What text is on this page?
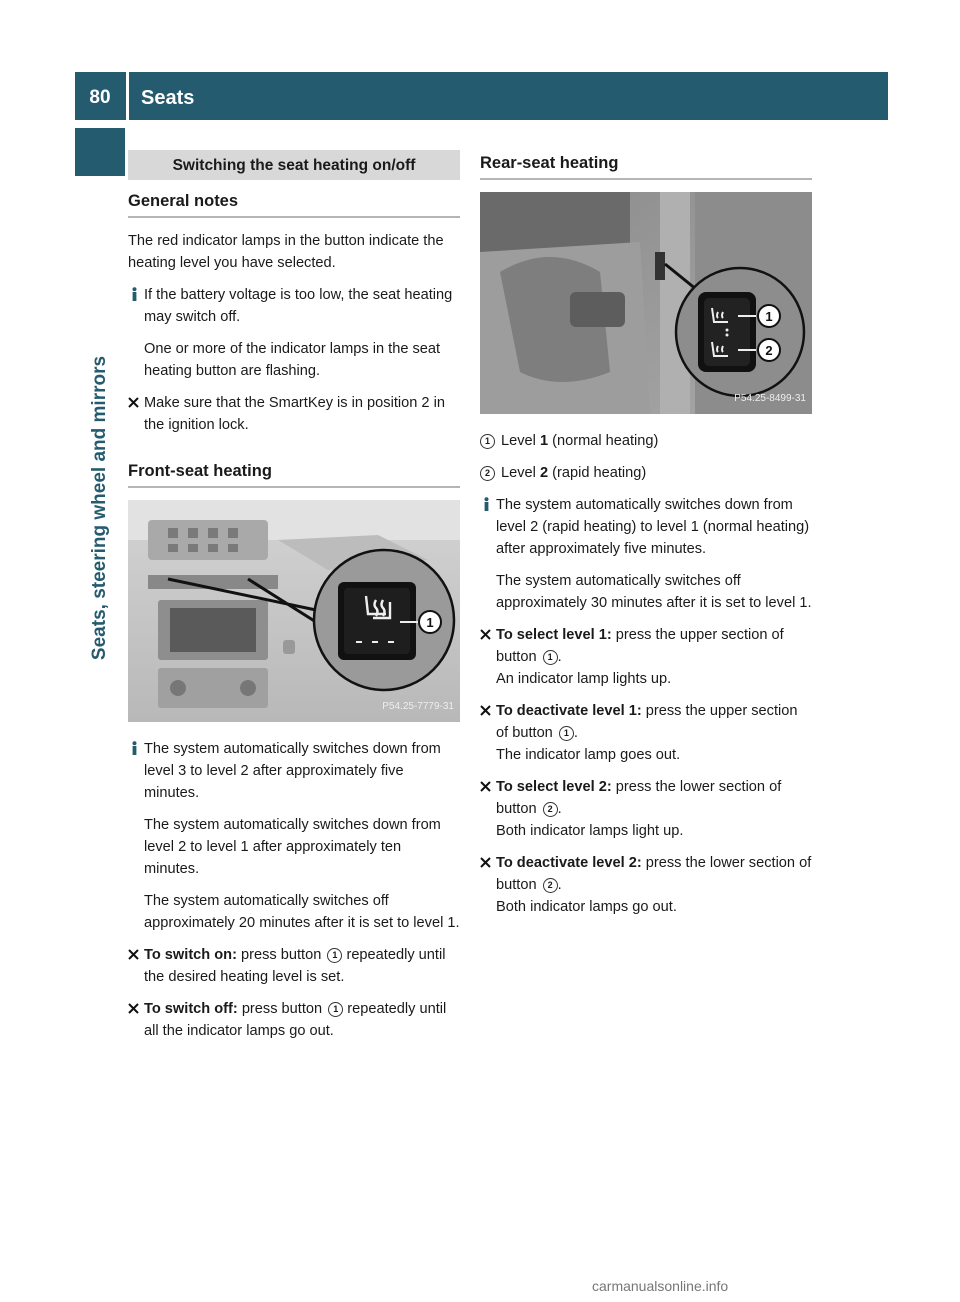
80	Seats
Seats, steering wheel and mirrors
Switching the seat heating on/off
General notes

The red indicator lamps in the button indicate the heating level you have selected.

If the battery voltage is too low, the seat heating may switch off.

One or more of the indicator lamps in the seat heating button are flashing.

Make sure that the SmartKey is in position 2 in the ignition lock.
Front-seat heating
1
P54.25-7779-31

The system automatically switches down from level 3 to level 2 after approximately five minutes.

The system automatically switches down from level 2 to level 1 after approximately ten minutes.

The system automatically switches off approximately 20 minutes after it is set to level 1.

To switch on: press button 1 repeatedly until the desired heating level is set.
To switch off: press button 1 repeatedly until all the indicator lamps go out.
Rear-seat heating
1
2
P54.25-8499-31

1 Level 1 (normal heating)

2 Level 2 (rapid heating)

The system automatically switches down from level 2 (rapid heating) to level 1 (normal heating) after approximately five minutes.

The system automatically switches off approximately 30 minutes after it is set to level 1.

To select level 1: press the upper section of button 1 .
An indicator lamp lights up.

To deactivate level 1: press the upper section of button 1 .
The indicator lamp goes out.

To select level 2: press the lower section of button 2 .
Both indicator lamps light up.

To deactivate level 2: press the lower section of button 2 .
Both indicator lamps go out.

carmanualsonline.info
